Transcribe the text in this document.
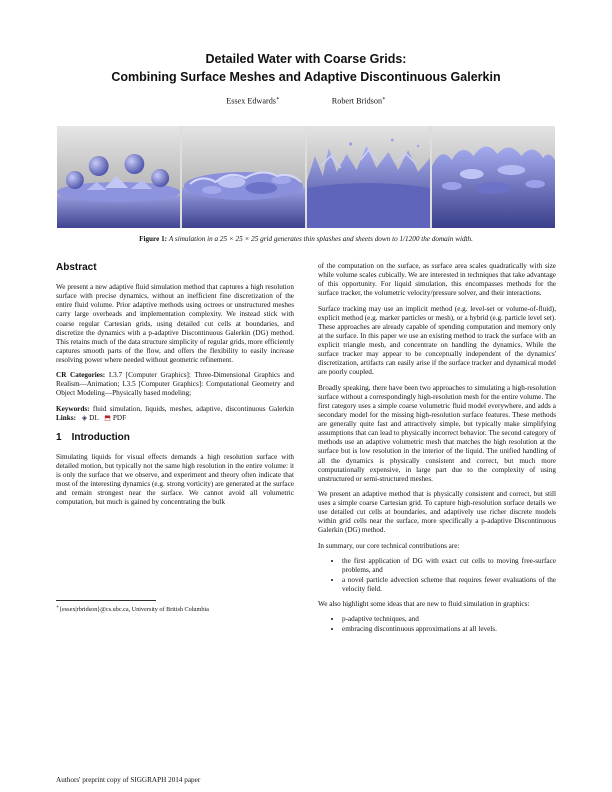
Detailed Water with Coarse Grids:
Combining Surface Meshes and Adaptive Discontinuous Galerkin
Essex Edwards∗	Robert Bridson∗
Figure 1: A simulation in a 25 × 25 × 25 grid generates thin splashes and sheets down to 1/1200 the domain width.
Abstract

We present a new adaptive fluid simulation method that captures a high resolution surface with precise dynamics, without an inefficient fine discretization of the entire fluid volume. Prior adaptive methods using octrees or unstructured meshes carry large overheads and implementation complexity. We instead stick with coarse regular Cartesian grids, using detailed cut cells at boundaries, and discretize the dynamics with a p-adaptive Discontinuous Galerkin (DG) method. This retains much of the data structure simplicity of regular grids, more efficiently captures smooth parts of the flow, and offers the flexibility to easily increase resolving power where needed without geometric refinement.

CR Categories: I.3.7 [Computer Graphics]: Three-Dimensional Graphics and Realism—Animation; I.3.5 [Computer Graphics]: Computational Geometry and Object Modeling—Physically based modeling;

Keywords: fluid simulation, liquids, meshes, adaptive, discontinuous Galerkin Links: ◈ DL ⬒ PDF

1 Introduction

Simulating liquids for visual effects demands a high resolution surface with detailed motion, but typically not the same high resolution in the entire volume: it is only the surface that we observe, and experiment and theory often indicate that most of the interesting dynamics (e.g. strong vorticity) are generated at the surface and remain strongest near the surface. We cannot avoid all volumetric computation, but much is gained by concentrating the bulk

∗{essex|rbridson}@cs.ubc.ca, University of British Columbia

of the computation on the surface, as surface area scales quadratically with size while volume scales cubically. We are interested in techniques that take advantage of this opportunity. For liquid simulation, this encompasses methods for the surface tracker, the volumetric velocity/pressure solver, and their interactions.

Surface tracking may use an implicit method (e.g. level-set or volume-of-fluid), explicit method (e.g. marker particles or mesh), or a hybrid (e.g. particle level set). These approaches are already capable of spending computation and memory only at the surface. In this paper we use an existing method to track the surface with an explicit triangle mesh, and concentrate on handling the dynamics. While the surface tracker may appear to be conceptually independent of the dynamics' discretization, artifacts can easily arise if the surface tracker and dynamical model are poorly coupled.

Broadly speaking, there have been two approaches to simulating a high-resolution surface without a correspondingly high-resolution mesh for the entire volume. The first category uses a simple coarse volumetric fluid model everywhere, and adds a secondary model for the missing high-resolution surface features. These methods are generally quite fast and attractively simple, but typically make simplifying assumptions that can lead to physically incorrect behavior. The second category of methods use an adaptive volumetric mesh that matches the high resolution at the surface but is low resolution in the interior of the liquid. The unified handling of all the dynamics is physically consistent and correct, but much more computationally expensive, in large part due to the complexity of using unstructured or semi-structured meshes.

We present an adaptive method that is physically consistent and correct, but still uses a simple coarse Cartesian grid. To capture high-resolution surface details we use detailed cut cells at boundaries, and adaptively use richer discrete models within grid cells near the surface, more specifically a p-adaptive Discontinuous Galerkin (DG) method.

In summary, our core technical contributions are:

• the first application of DG with exact cut cells to moving free-surface problems, and
• a novel particle advection scheme that requires fewer evaluations of the velocity field.

We also highlight some ideas that are new to fluid simulation in graphics:

• p-adaptive techniques, and
• embracing discontinuous approximations at all levels.
Authors' preprint copy of SIGGRAPH 2014 paper
